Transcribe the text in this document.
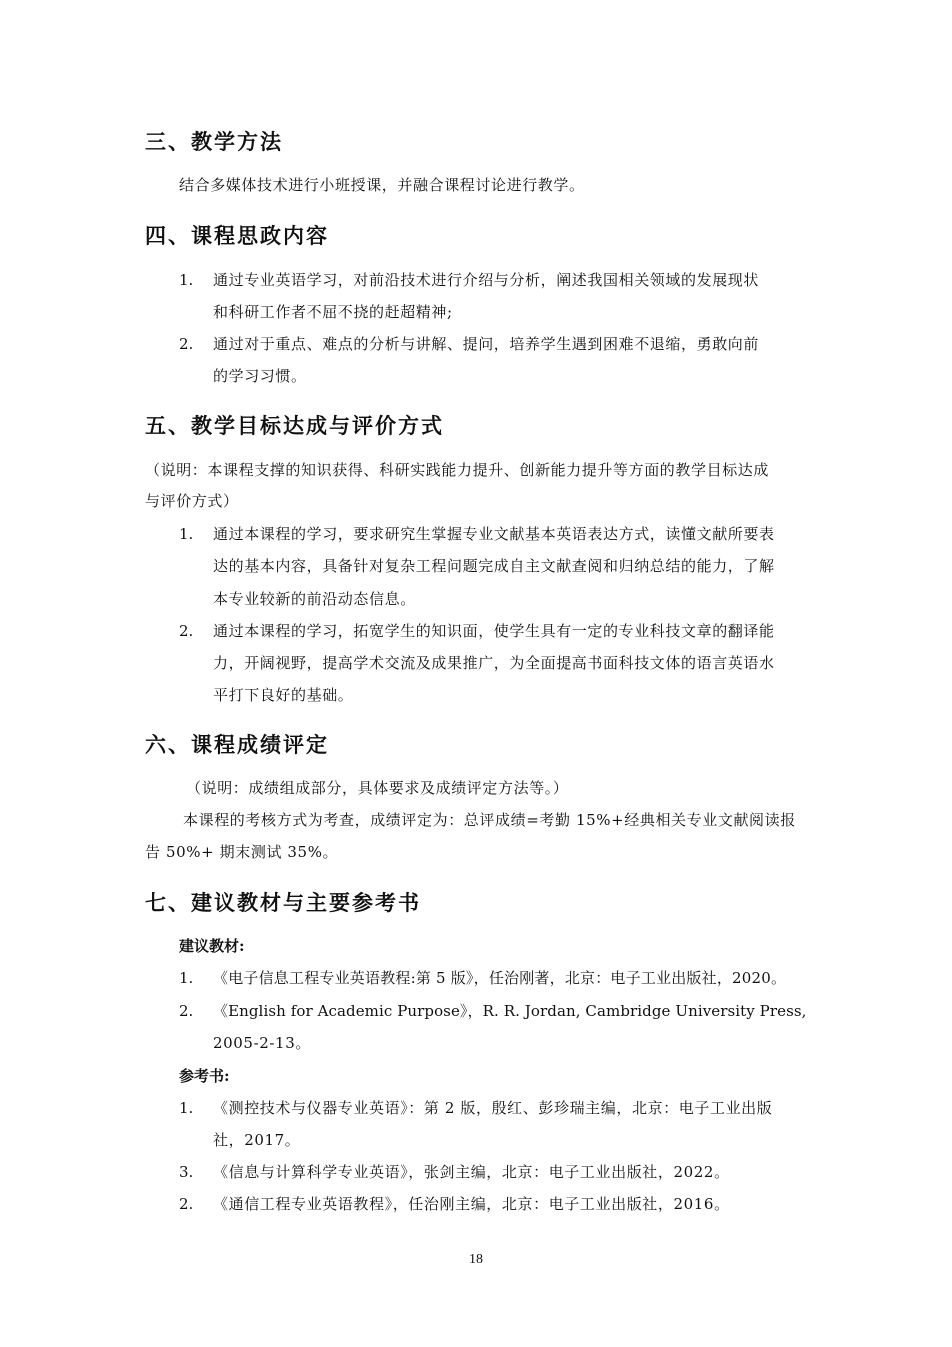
三、教学方法

结合多媒体技术进行小班授课，并融合课程讨论进行教学。

四、课程思政内容
1. 通过专业英语学习，对前沿技术进行介绍与分析，阐述我国相关领域的发展现状

和科研工作者不屈不挠的赶超精神;

2. 通过对于重点、难点的分析与讲解、提问，培养学生遇到困难不退缩，勇敢向前

的学习习惯。

五、教学目标达成与评价方式

（说明：本课程支撑的知识获得、科研实践能力提升、创新能力提升等方面的教学目标达成

与评价方式）

1. 通过本课程的学习，要求研究生掌握专业文献基本英语表达方式，读懂文献所要表

达的基本内容，具备针对复杂工程问题完成自主文献查阅和归纳总结的能力，了解

本专业较新的前沿动态信息。

2. 通过本课程的学习，拓宽学生的知识面，使学生具有一定的专业科技文章的翻译能

力，开阔视野，提高学术交流及成果推广，为全面提高书面科技文体的语言英语水

平打下良好的基础。

六、课程成绩评定

（说明：成绩组成部分，具体要求及成绩评定方法等。）

本课程的考核方式为考查，成绩评定为：总评成绩=考勤 15%+经典相关专业文献阅读报

告 50%+ 期末测试 35%。

七、建议教材与主要参考书

建议教材:

1. 《电子信息工程专业英语教程:第 5 版》，任治刚著，北京：电子工业出版社，2020。

2. 《English for Academic Purpose》，R. R. Jordan, Cambridge University Press,

2005-2-13。

参考书:

1. 《测控技术与仪器专业英语》：第 2 版，殷红、彭珍瑞主编，北京：电子工业出版

社，2017。

3. 《信息与计算科学专业英语》，张剑主编，北京：电子工业出版社，2022。

2. 《通信工程专业英语教程》，任治刚主编，北京：电子工业出版社，2016。

18
